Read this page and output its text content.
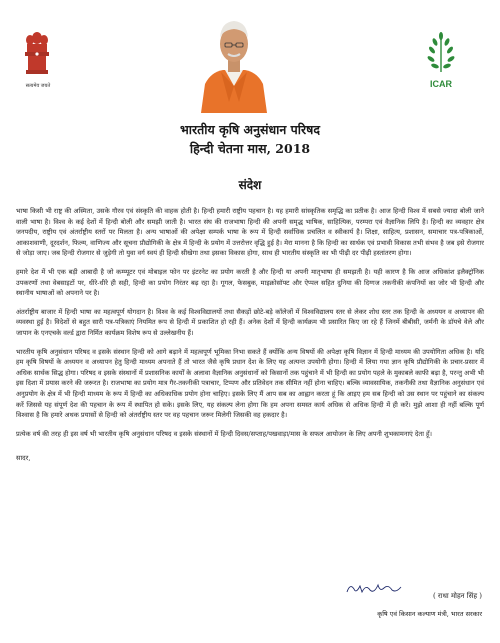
सत्यमेव जयते	ICAR
भारतीय कृषि अनुसंधान परिषद
हिन्दी चेतना मास, 2018
संदेश

भाषा किसी भी राष्ट्र की अस्मिता, उसके गौरव एवं संस्कृति की वाहक होती है। हिन्दी हमारी राष्ट्रीय पहचान है। यह हमारी सांस्कृतिक समृद्धि का प्रतीक है। आज हिन्दी विश्व में सबसे ज्यादा बोली जाने वाली भाषा है। विश्व के कई देशों में हिन्दी बोली और समझी जाती है। भारत संघ की राजभाषा हिन्दी की अपनी समृद्ध भाषिक, साहित्यिक, परम्परा एवं वैज्ञानिक लिपि है। हिन्दी का व्यवहार क्षेत्र जनपदीय, राष्ट्रीय एवं अंतर्राष्ट्रीय स्तरों पर मिलता है। अन्य भाषाओं की अपेक्षा सम्पर्क भाषा के रूप में हिन्दी सर्वाधिक प्रचलित व स्वीकार्य है। शिक्षा, साहित्य, प्रशासन, समाचार पत्र-पत्रिकाओं, आकाशवाणी, दूरदर्शन, फिल्म, वाणिज्य और सूचना प्रौद्योगिकी के क्षेत्र में हिन्दी के प्रयोग में उत्तरोत्तर वृद्धि हुई है। मेरा मानना है कि हिन्दी का सार्थक एवं प्रभावी विकास तभी संभव है जब इसे रोजगार से जोड़ा जाए। जब हिन्दी रोजगार से जुड़ेगी तो युवा वर्ग स्वयं ही हिन्दी सीखेगा तथा इसका विकास होगा, साथ ही भारतीय संस्कृति का भी पीढ़ी दर पीढ़ी हस्तांतरण होगा।

हमारे देश में भी एक बड़ी आबादी है जो कम्प्यूटर एवं मोबाइल फोन पर इंटरनेट का प्रयोग करती है और हिन्दी या अपनी मातृभाषा ही समझती है। यही कारण है कि आज अधिकांश इलैक्ट्रॉनिक उपकरणों तथा वेबसाइटों पर, धीरे-धीरे ही सही, हिन्दी का प्रयोग निरंतर बढ़ रहा है। गूगल, फेसबुक, माइक्रोसॉफ्ट और ऐप्पल सहित दुनिया की दिग्गज तकनीकी कंपनियों का जोर भी हिन्दी और स्थानीय भाषाओं को अपनाने पर है।

अंतर्राष्ट्रीय बाजार में हिन्दी भाषा का महत्वपूर्ण योगदान है। विश्व के कई विश्वविद्यालयों तथा सैकड़ों छोटे-बड़े कॉलेजों में विश्वविद्यालय स्तर से लेकर शोध स्तर तक हिन्दी के अध्ययन व अध्यापन की व्यवस्था हुई है। विदेशों से बहुत सारी पत्र-पत्रिकाएं नियमित रूप से हिन्दी में प्रकाशित हो रही हैं। अनेक देशों में हिन्दी कार्यक्रम भी प्रसारित किए जा रहे हैं जिनमें बीबीसी, जर्मनी के डॉयचे वेले और जापान के एनएचके वर्ल्ड द्वारा निर्मित कार्यक्रम विशेष रूप से उल्लेखनीय हैं।

भारतीय कृषि अनुसंधान परिषद व इसके संस्थान हिन्दी को आगे बढ़ाने में महत्वपूर्ण भूमिका निभा सकते हैं क्योंकि अन्य विषयों की अपेक्षा कृषि विज्ञान में हिन्दी माध्यम की उपयोगिता अधिक है। यदि हम कृषि विषयों के अध्ययन व अध्यापन हेतु हिन्दी माध्यम अपनाते हैं तो भारत जैसे कृषि प्रधान देश के लिए यह अत्यन्त उपयोगी होगा। हिन्दी में लिया गया ज्ञान कृषि प्रौद्योगिकी के प्रचार-प्रसार में अधिक सार्थक सिद्ध होगा। परिषद व इसके संस्थानों में प्रशासनिक कार्यों के अलावा वैज्ञानिक अनुसंधानों को किसानों तक पहुंचाने में भी हिन्दी का प्रयोग पहले के मुकाबले काफी बढ़ा है, परन्तु अभी भी इस दिशा में प्रयास करने की जरूरत है। राजभाषा का प्रयोग मात्र गैर-तकनीकी पत्राचार, टिप्पण और प्रतिवेदन तक सीमित नहीं होना चाहिए। बल्कि व्यावसायिक, तकनीकी तथा वैज्ञानिक अनुसंधान एवं अनुप्रयोग के क्षेत्र में भी हिन्दी माध्यम के रूप में हिन्दी का अधिकाधिक प्रयोग होना चाहिए। इसके लिए मैं आप सब का आह्वान करता हूं कि आइए हम सब हिन्दी को उस स्थान पर पहुंचाने का संकल्प करें जिससे यह संपूर्ण देश की पहचान के रूप में स्थापित हो सके। इसके लिए, यह संकल्प लेना होगा कि हम अपना समस्त कार्य अधिक से अधिक हिन्दी में ही करें। मुझे आशा ही नहीं बल्कि पूर्ण विश्वास है कि हमारे अथक प्रयासों से हिन्दी को अंतर्राष्ट्रीय स्तर पर वह पहचान जरूर मिलेगी जिसकी वह हकदार है।

प्रत्येक वर्ष की तरह ही इस वर्ष भी भारतीय कृषि अनुसंधान परिषद व इसके संस्थानों में हिन्दी दिवस/सप्ताह/पखवाड़ा/मास के सफल आयोजन के लिए अपनी शुभकामनाएं देता हूँ।

सादर,

( राधा मोहन सिंह )
कृषि एवं किसान कल्याण मंत्री, भारत सरकार
